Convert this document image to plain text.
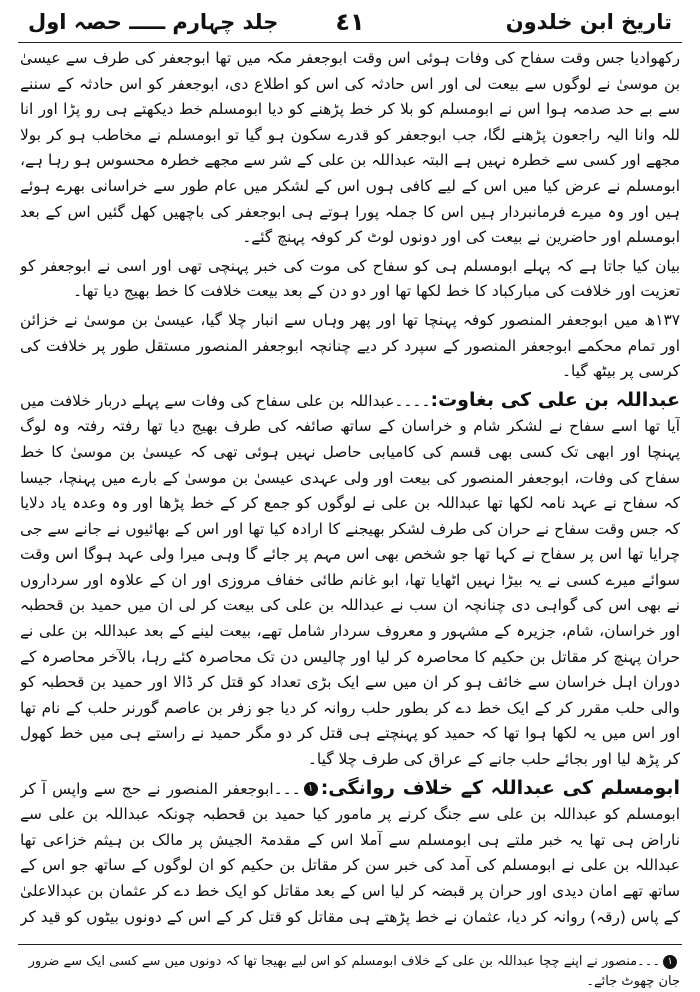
تاریخ ابن خلدون
٤١
جلد چہارم ـــــ حصہ اول

رکھوادیا جس وقت سفاح کی وفات ہوئی اس وقت ابوجعفر مکہ میں تھا ابوجعفر کی طرف سے عیسیٰ بن موسیٰ نے لوگوں سے بیعت لی اور اس حادثہ کی اس کو اطلاع دی، ابوجعفر کو اس حادثہ کے سننے سے بے حد صدمہ ہوا اس نے ابومسلم کو بلا کر خط پڑھنے کو دیا ابومسلم خط دیکھتے ہی رو پڑا اور انا للہ وانا الیہ راجعون پڑھنے لگا، جب ابوجعفر کو قدرے سکون ہو گیا تو ابومسلم نے مخاطب ہو کر بولا مجھے اور کسی سے خطرہ نہیں ہے البتہ عبداللہ بن علی کے شر سے مجھے خطرہ محسوس ہو رہا ہے، ابومسلم نے عرض کیا میں اس کے لیے کافی ہوں اس کے لشکر میں عام طور سے خراسانی بھرے ہوئے ہیں اور وہ میرے فرمانبردار ہیں اس کا جملہ پورا ہوتے ہی ابوجعفر کی باچھیں کھل گئیں اس کے بعد ابومسلم اور حاضرین نے بیعت کی اور دونوں لوٹ کر کوفہ پہنچ گئے۔

بیان کیا جاتا ہے کہ پہلے ابومسلم ہی کو سفاح کی موت کی خبر پہنچی تھی اور اسی نے ابوجعفر کو تعزیت اور خلافت کی مبارکباد کا خط لکھا تھا اور دو دن کے بعد بیعت خلافت کا خط بھیج دیا تھا۔

۱۳۷ھ میں ابوجعفر المنصور کوفہ پہنچا تھا اور پھر وہاں سے انبار چلا گیا، عیسیٰ بن موسیٰ نے خزائن اور تمام محکمے ابوجعفر المنصور کے سپرد کر دیے چنانچہ ابوجعفر المنصور مستقل طور پر خلافت کی کرسی پر بیٹھ گیا۔

عبداللہ بن علی کی بغاوت:۔۔۔۔عبداللہ بن علی سفاح کی وفات سے پہلے دربار خلافت میں آیا تھا اسے سفاح نے لشکر شام و خراسان کے ساتھ صائفہ کی طرف بھیج دیا تھا رفتہ رفتہ وہ لوگ پہنچا اور ابھی تک کسی بھی قسم کی کامیابی حاصل نہیں ہوئی تھی کہ عیسیٰ بن موسیٰ کا خط سفاح کی وفات، ابوجعفر المنصور کی بیعت اور ولی عہدی عیسیٰ بن موسیٰ کے بارے میں پہنچا، جیسا کہ سفاح نے عہد نامہ لکھا تھا عبداللہ بن علی نے لوگوں کو جمع کر کے خط پڑھا اور وہ وعدہ یاد دلایا کہ جس وقت سفاح نے حران کی طرف لشکر بھیجنے کا ارادہ کیا تھا اور اس کے بھائیوں نے جانے سے جی چرایا تھا اس پر سفاح نے کہا تھا جو شخص بھی اس مہم پر جائے گا وہی میرا ولی عہد ہوگا اس وقت سوائے میرے کسی نے یہ بیڑا نہیں اٹھایا تھا، ابو غانم طائی خفاف مروزی اور ان کے علاوہ اور سرداروں نے بھی اس کی گواہی دی چنانچہ ان سب نے عبداللہ بن علی کی بیعت کر لی ان میں حمید بن قحطبہ اور خراسان، شام، جزیرہ کے مشہور و معروف سردار شامل تھے، بیعت لینے کے بعد عبداللہ بن علی نے حران پہنچ کر مقاتل بن حکیم کا محاصرہ کر لیا اور چالیس دن تک محاصرہ کئے رہا، بالآخر محاصرہ کے دوران اہل خراسان سے خائف ہو کر ان میں سے ایک بڑی تعداد کو قتل کر ڈالا اور حمید بن قحطبہ کو والی حلب مقرر کر کے ایک خط دے کر بطور حلب روانہ کر دیا جو زفر بن عاصم گورنر حلب کے نام تھا اور اس میں یہ لکھا ہوا تھا کہ حمید کو پہنچتے ہی قتل کر دو مگر حمید نے راستے ہی میں خط کھول کر پڑھ لیا اور بجائے حلب جانے کے عراق کی طرف چلا گیا۔

ابومسلم کی عبداللہ کے خلاف روانگی:۱۔۔۔ابوجعفر المنصور نے حج سے واپس آ کر ابومسلم کو عبداللہ بن علی سے جنگ کرنے پر مامور کیا حمید بن قحطبہ چونکہ عبداللہ بن علی سے ناراض ہی تھا یہ خبر ملتے ہی ابومسلم سے آملا اس کے مقدمۃ الجیش پر مالک بن ہیثم خزاعی تھا عبداللہ بن علی نے ابومسلم کی آمد کی خبر سن کر مقاتل بن حکیم کو ان لوگوں کے ساتھ جو اس کے ساتھ تھے امان دیدی اور حران پر قبضہ کر لیا اس کے بعد مقاتل کو ایک خط دے کر عثمان بن عبدالاعلیٰ کے پاس (رقہ) روانہ کر دیا، عثمان نے خط پڑھتے ہی مقاتل کو قتل کر کے اس کے دونوں بیٹوں کو قید کر

۱۔۔۔منصور نے اپنے چچا عبداللہ بن علی کے خلاف ابومسلم کو اس لیے بھیجا تھا کہ دونوں میں سے کسی ایک سے ضرور جان چھوٹ جائے۔
